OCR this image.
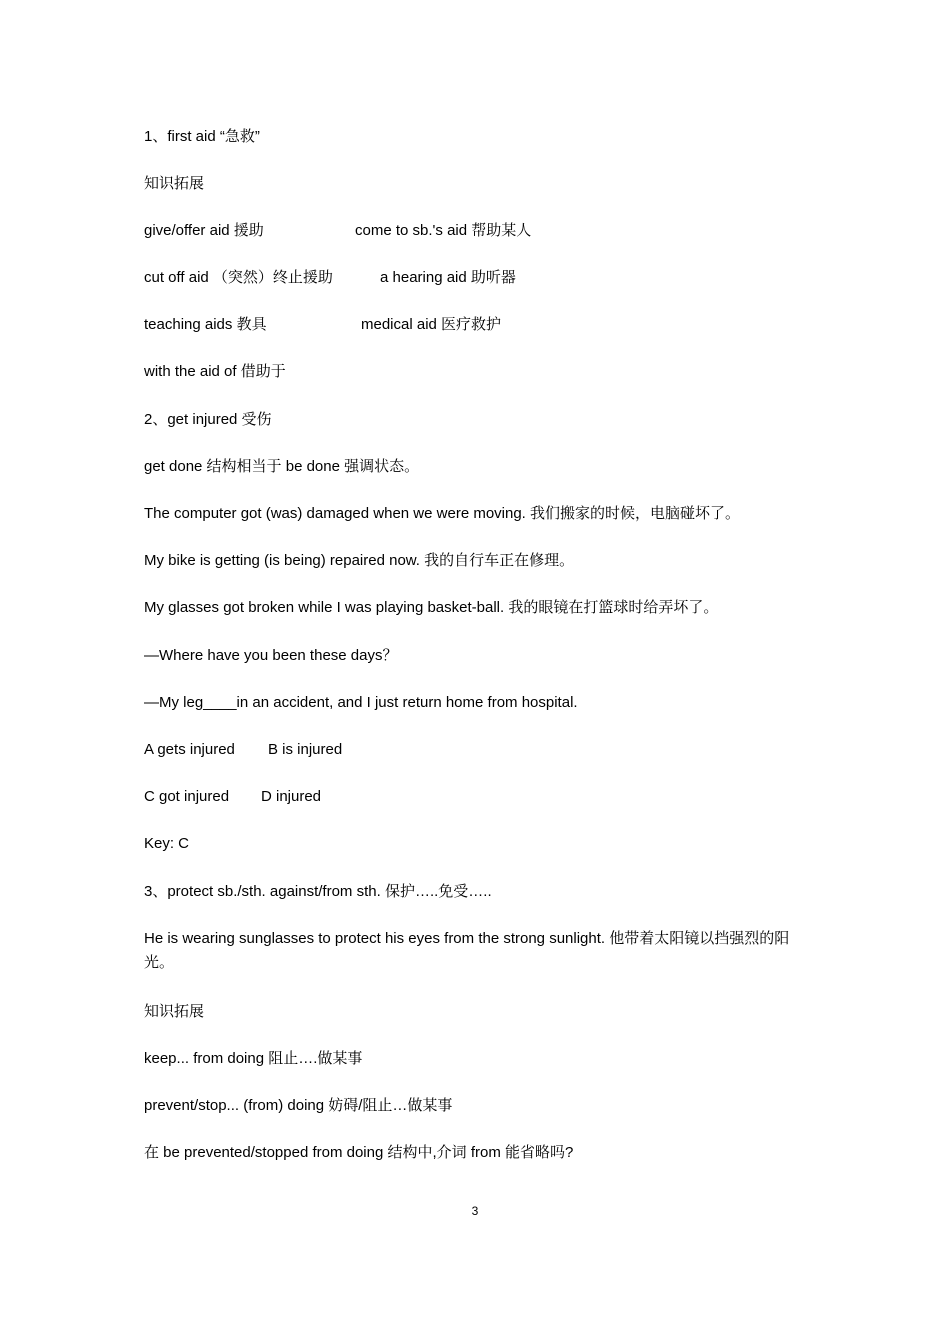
1、first aid “急救”
知识拓展
give/offer aid 援助	come to sb.'s aid 帮助某人
cut off aid （突然）终止援助	a hearing aid 助听器
teaching aids 教具	medical aid 医疗救护
with the aid of 借助于
2、get injured 受伤
get done 结构相当于 be done 强调状态。
The computer got (was) damaged when we were moving. 我们搬家的时候，电脑碰坏了。
My bike is getting (is being) repaired now. 我的自行车正在修理。
My glasses got broken while I was playing basket-ball. 我的眼镜在打篮球时给弄坏了。
—Where have you been these days？
—My leg____in an accident, and I just return home from hospital.
A gets injured B is injured
C got injured D injured
Key: C
3、protect sb./sth. against/from sth. 保护…..免受…..
He is wearing sunglasses to protect his eyes from the strong sunlight. 他带着太阳镜以挡强烈的阳光。
知识拓展
keep... from doing 阻止….做某事
prevent/stop... (from) doing 妨碍/阻止…做某事
在 be prevented/stopped from doing 结构中,介词 from 能省略吗?
3
